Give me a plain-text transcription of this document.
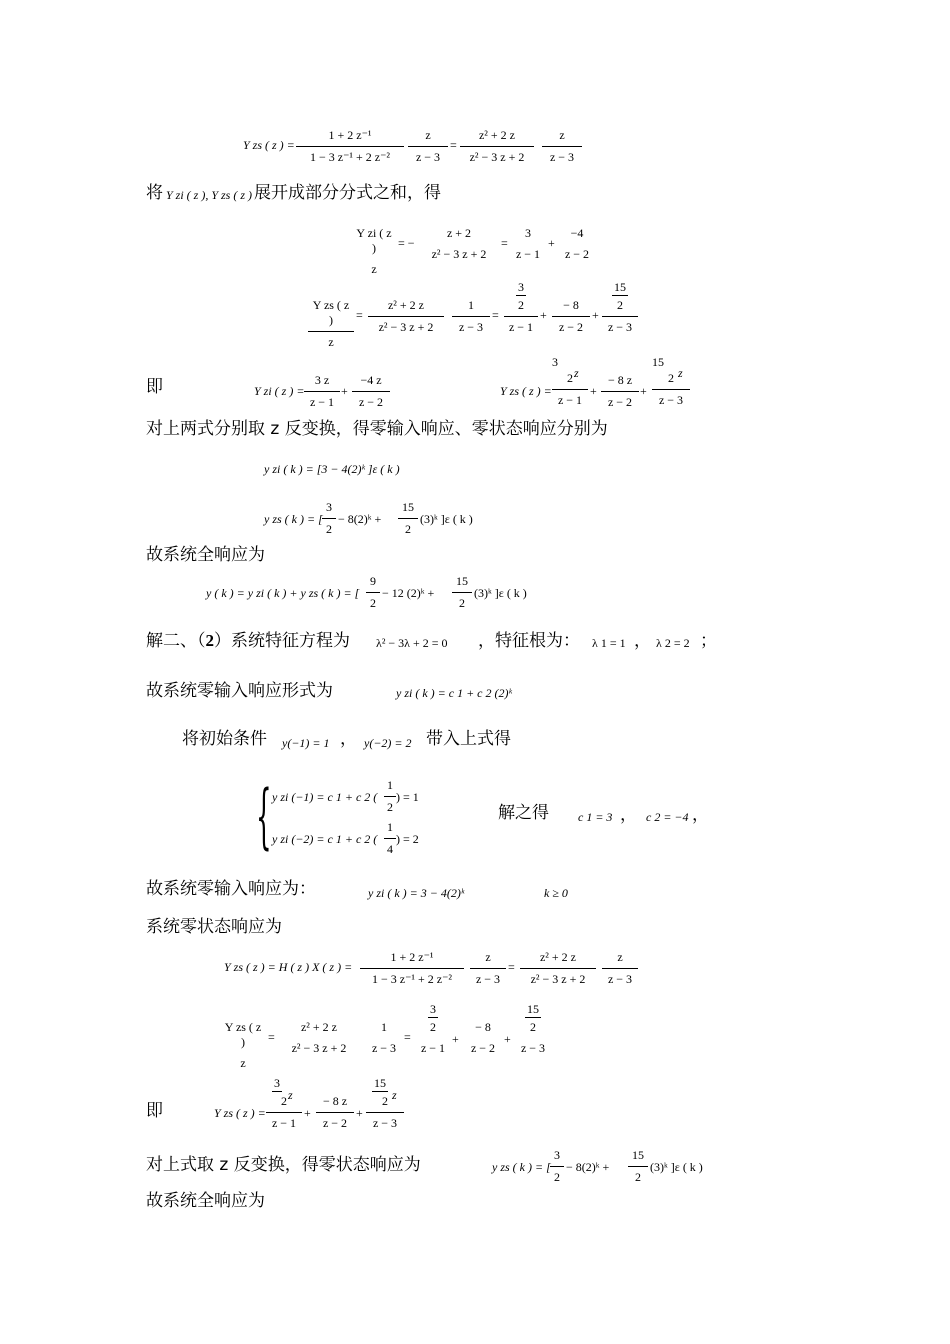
Y zs ( z ) =
1 + 2 z⁻¹
1 − 3 z⁻¹ + 2 z⁻²
z
z − 3
=
z² + 2 z
z² − 3 z + 2
z
z − 3
将 Y zi ( z ), Y zs ( z ) 展开成部分分式之和，得
Y zi ( z )
z
= −
z + 2
z² − 3 z + 2
=
3
z − 1
+
−4
z − 2
Y zs ( z )
z
=
z² + 2 z
z² − 3 z + 2
1
z − 3
=
3
2
z − 1
+
− 8
z − 2
+
15
2
z − 3
即	Y zi ( z ) =
3 z
z − 1
+
−4 z
z − 2
Y zs ( z ) =
3
2
z − 1
z
+
− 8 z
z − 2
+
15
2
z − 3
z
对上两式分别取 z 反变换，得零输入响应、零状态响应分别为
y zi ( k ) = [3 − 4(2)ᵏ ]ε ( k )
y zs ( k ) = [
3
2
− 8(2)ᵏ +
15
2
(3)ᵏ ]ε ( k )
故系统全响应为
y ( k ) = y zi ( k ) + y zs ( k ) = [
9
2
− 12 (2)ᵏ +
15
2
(3)ᵏ ]ε ( k )
解二、（2）系统特征方程为 λ² − 3λ + 2 = 0 ，特征根为： λ 1 = 1 ， λ 2 = 2 ；
故系统零输入响应形式为	y zi ( k ) = c 1 + c 2 (2)ᵏ
将初始条件 y(−1) = 1 ， y(−2) = 2 带入上式得
{ y zi (−1) = c 1 + c 2 (
1
2
) = 1
y zi (−2) = c 1 + c 2 (
1
4
) = 2
解之得 c 1 = 3 ， c 2 = −4 ，
故系统零输入响应为：	y zi ( k ) = 3 − 4(2)ᵏ	k ≥ 0
系统零状态响应为
Y zs ( z ) = H ( z ) X ( z ) =
1 + 2 z⁻¹
1 − 3 z⁻¹ + 2 z⁻²
z
z − 3
=
z² + 2 z
z² − 3 z + 2
z
z − 3
Y zs ( z )
z
=
z² + 2 z
z² − 3 z + 2
1
z − 3
=
3
2
z − 1
+
− 8
z − 2
+
15
2
z − 3
即	Y zs ( z ) =
3
2
z − 1
z
+
− 8 z
z − 2
+
15
2
z − 3
z
对上式取 z 反变换，得零状态响应为	y zs ( k ) = [
3
2
− 8(2)ᵏ +
15
2
(3)ᵏ ]ε ( k )
故系统全响应为
